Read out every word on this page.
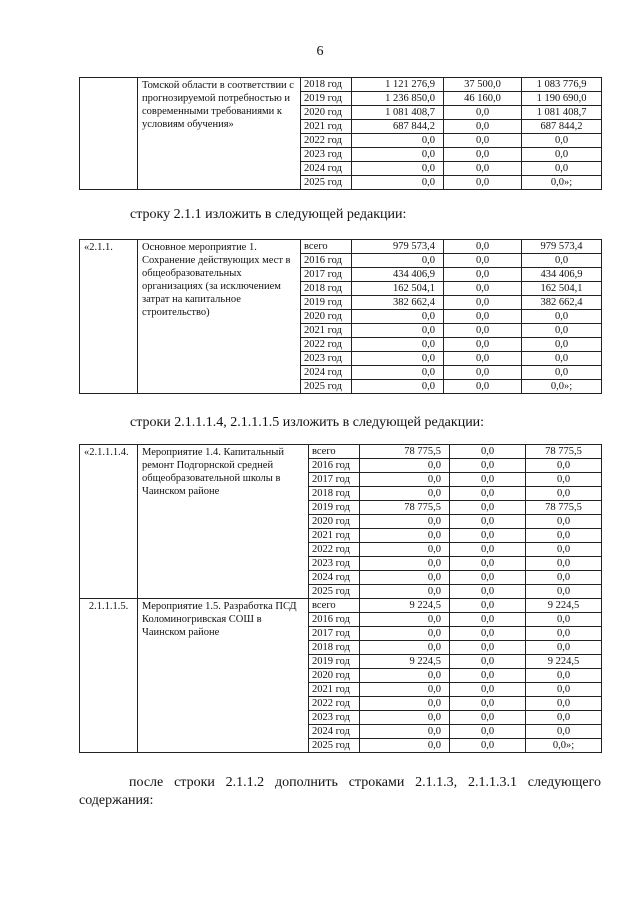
6
	Томской области в соответствии с прогнозируемой потребностью и современными требованиями к условиям обучения»	2018 год	1 121 276,9	37 500,0	1 083 776,9
		2019 год	1 236 850,0	46 160,0	1 190 690,0
		2020 год	1 081 408,7	0,0	1 081 408,7
		2021 год	687 844,2	0,0	687 844,2
		2022 год	0,0	0,0	0,0
		2023 год	0,0	0,0	0,0
		2024 год	0,0	0,0	0,0
		2025 год	0,0	0,0	0,0»;
строку 2.1.1 изложить в следующей редакции:
«2.1.1.	Основное мероприятие 1. Сохранение действующих мест в общеобразовательных организациях (за исключением затрат на капитальное строительство)	всего	979 573,4	0,0	979 573,4
		2016 год	0,0	0,0	0,0
		2017 год	434 406,9	0,0	434 406,9
		2018 год	162 504,1	0,0	162 504,1
		2019 год	382 662,4	0,0	382 662,4
		2020 год	0,0	0,0	0,0
		2021 год	0,0	0,0	0,0
		2022 год	0,0	0,0	0,0
		2023 год	0,0	0,0	0,0
		2024 год	0,0	0,0	0,0
		2025 год	0,0	0,0	0,0»;
строки 2.1.1.1.4, 2.1.1.1.5 изложить в следующей редакции:
«2.1.1.1.4.	Мероприятие 1.4. Капитальный ремонт Подгорнской средней общеобразовательной школы в Чаинском районе	всего	78 775,5	0,0	78 775,5
		2016 год	0,0	0,0	0,0
		2017 год	0,0	0,0	0,0
		2018 год	0,0	0,0	0,0
		2019 год	78 775,5	0,0	78 775,5
		2020 год	0,0	0,0	0,0
		2021 год	0,0	0,0	0,0
		2022 год	0,0	0,0	0,0
		2023 год	0,0	0,0	0,0
		2024 год	0,0	0,0	0,0
		2025 год	0,0	0,0	0,0
2.1.1.1.5.	Мероприятие 1.5. Разработка ПСД Коломиногривская СОШ в Чаинском районе	всего	9 224,5	0,0	9 224,5
		2016 год	0,0	0,0	0,0
		2017 год	0,0	0,0	0,0
		2018 год	0,0	0,0	0,0
		2019 год	9 224,5	0,0	9 224,5
		2020 год	0,0	0,0	0,0
		2021 год	0,0	0,0	0,0
		2022 год	0,0	0,0	0,0
		2023 год	0,0	0,0	0,0
		2024 год	0,0	0,0	0,0
		2025 год	0,0	0,0	0,0»;
после строки 2.1.1.2 дополнить строками 2.1.1.3, 2.1.1.3.1 следующего содержания:
